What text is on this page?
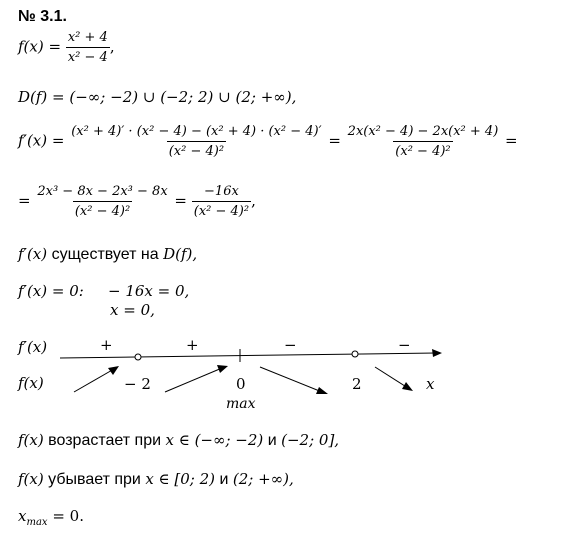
№ 3.1.
$f(x) = \frac{\text{x² + 4}}{\text{x² − 4}}$ ,
D(f) = (−∞; −2) ∪ (−2; 2) ∪ (2; +∞),
$f'(x) = \frac{\text{(x² + 4)′ · (x² − 4) − (x² + 4) · (x² − 4)′}}{\text{(x² − 4)²}} = \frac{\text{2x(x² − 4) − 2x(x² + 4)}}{\text{(x² − 4)²}}$ =
= $\frac{\text{2x³ − 8x − 2x³ − 8x}}{\text{(x² − 4)²}} = \frac{-16x}{\text{(x² − 4)²}}$ ,
f′(x) существует на D(f),
f′(x) = 0: − 16x = 0,
x = 0,
f′(x)
f(x)
+	+	−	−
− 2	0	2	x
max
f(x) возрастает при x ∈ (−∞; −2) и (−2; 0],
f(x) убывает при x ∈ [0; 2) и (2; +∞),
$x_{max} = 0$.
